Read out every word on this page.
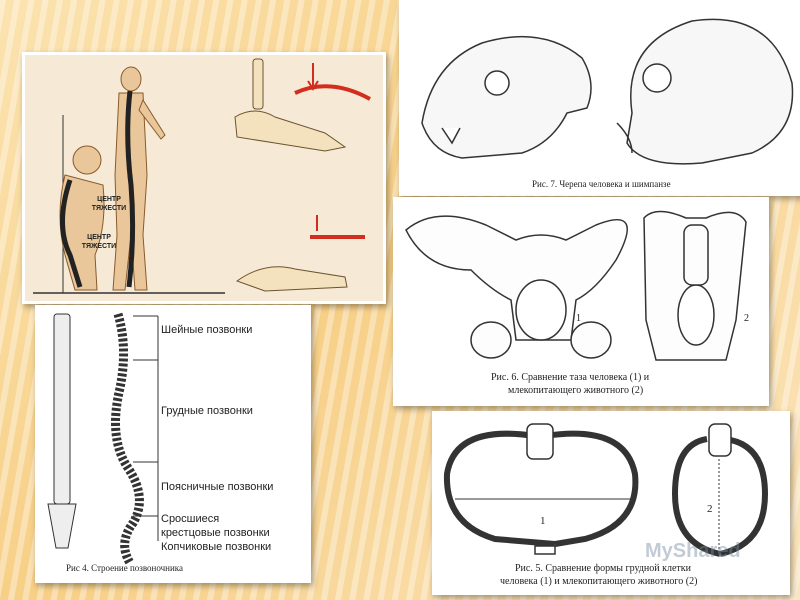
ЦЕНТР ТЯЖЕСТИ
ЦЕНТР ТЯЖЕСТИ
Рис. 7. Черепа человека и шимпанзе
1	2
Рис. 6. Сравнение таза человека (1) и
млекопитающего животного (2)
Шейные позвонки
Грудные позвонки
Поясничные позвонки
Сросшиеся
крестцовые позвонки
Копчиковые позвонки
Рис 4. Строение позвоночника
1
2
Рис. 5. Сравнение формы грудной клетки
человека (1) и млекопитающего животного (2)
MyShared
